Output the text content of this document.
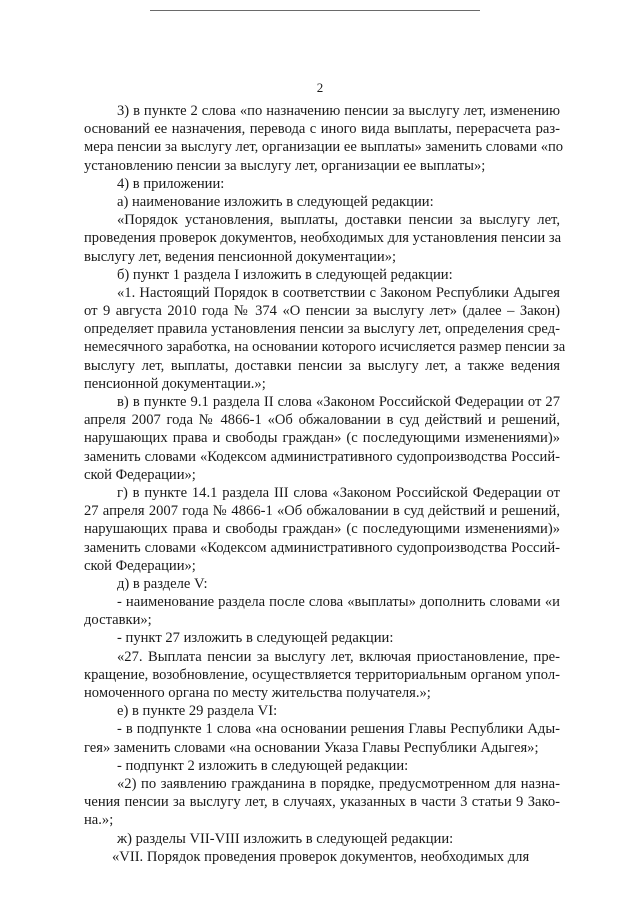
2
3) в пункте 2 слова «по назначению пенсии за выслугу лет, изменению
оснований ее назначения, перевода с иного вида выплаты, перерасчета раз-
мера пенсии за выслугу лет, организации ее выплаты» заменить словами «по
установлению пенсии за выслугу лет, организации ее выплаты»;
4) в приложении:
а) наименование изложить в следующей редакции:
«Порядок установления, выплаты, доставки пенсии за выслугу лет,
проведения проверок документов, необходимых для установления пенсии за
выслугу лет, ведения пенсионной документации»;
б) пункт 1 раздела I изложить в следующей редакции:
«1. Настоящий Порядок в соответствии с Законом Республики Адыгея
от 9 августа 2010 года № 374 «О пенсии за выслугу лет» (далее – Закон)
определяет правила установления пенсии за выслугу лет, определения сред-
немесячного заработка, на основании которого исчисляется размер пенсии за
выслугу лет, выплаты, доставки пенсии за выслугу лет, а также ведения
пенсионной документации.»;
в) в пункте 9.1 раздела II слова «Законом Российской Федерации от 27
апреля 2007 года № 4866-1 «Об обжаловании в суд действий и решений,
нарушающих права и свободы граждан» (с последующими изменениями)»
заменить словами «Кодексом административного судопроизводства Россий-
ской Федерации»;
г) в пункте 14.1 раздела III слова «Законом Российской Федерации от
27 апреля 2007 года № 4866-1 «Об обжаловании в суд действий и решений,
нарушающих права и свободы граждан» (с последующими изменениями)»
заменить словами «Кодексом административного судопроизводства Россий-
ской Федерации»;
д) в разделе V:
- наименование раздела после слова «выплаты» дополнить словами «и
доставки»;
- пункт 27 изложить в следующей редакции:
«27. Выплата пенсии за выслугу лет, включая приостановление, пре-
кращение, возобновление, осуществляется территориальным органом упол-
номоченного органа по месту жительства получателя.»;
е) в пункте 29 раздела VI:
- в подпункте 1 слова «на основании решения Главы Республики Ады-
гея» заменить словами «на основании Указа Главы Республики Адыгея»;
- подпункт 2 изложить в следующей редакции:
«2) по заявлению гражданина в порядке, предусмотренном для назна-
чения пенсии за выслугу лет, в случаях, указанных в части 3 статьи 9 Зако-
на.»;
ж) разделы VII-VIII изложить в следующей редакции:
«VII. Порядок проведения проверок документов, необходимых для
